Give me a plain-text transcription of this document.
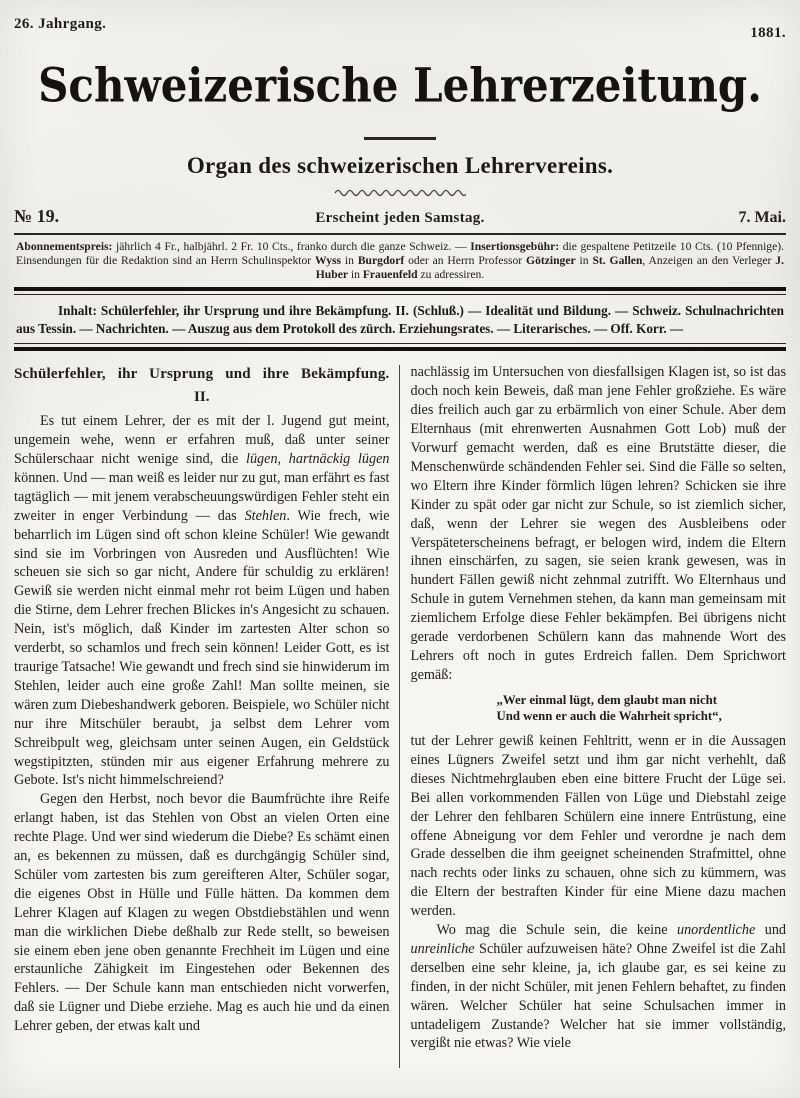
26. Jahrgang.
1881.
Schweizerische Lehrerzeitung.
Organ des schweizerischen Lehrervereins.
№ 19.	Erscheint jeden Samstag.	7. Mai.

Abonnementspreis: jährlich 4 Fr., halbjährl. 2 Fr. 10 Cts., franko durch die ganze Schweiz. — Insertionsgebühr: die gespaltene Petitzeile 10 Cts. (10 Pfennige). Einsendungen für die Redaktion sind an Herrn Schulinspektor Wyss in Burgdorf oder an Herrn Professor Götzinger in St. Gallen, Anzeigen an den Verleger J. Huber in Frauenfeld zu adressiren.

Inhalt: Schülerfehler, ihr Ursprung und ihre Bekämpfung. II. (Schluß.) — Idealität und Bildung. — Schweiz. Schulnachrichten aus Tessin. — Nachrichten. — Auszug aus dem Protokoll des zürch. Erziehungsrates. — Literarisches. — Off. Korr. —

Schülerfehler, ihr Ursprung und ihre Bekämpfung.
II.

Es tut einem Lehrer, der es mit der l. Jugend gut meint, ungemein wehe, wenn er erfahren muß, daß unter seiner Schülerschaar nicht wenige sind, die lügen, hartnäckig lügen können. Und — man weiß es leider nur zu gut, man erfährt es fast tagtäglich — mit jenem verabscheuungswürdigen Fehler steht ein zweiter in enger Verbindung — das Stehlen. Wie frech, wie beharrlich im Lügen sind oft schon kleine Schüler! Wie gewandt sind sie im Vorbringen von Ausreden und Ausflüchten! Wie scheuen sie sich so gar nicht, Andere für schuldig zu erklären! Gewiß sie werden nicht einmal mehr rot beim Lügen und haben die Stirne, dem Lehrer frechen Blickes in's Angesicht zu schauen. Nein, ist's möglich, daß Kinder im zartesten Alter schon so verderbt, so schamlos und frech sein können! Leider Gott, es ist traurige Tatsache! Wie gewandt und frech sind sie hinwiderum im Stehlen, leider auch eine große Zahl! Man sollte meinen, sie wären zum Diebeshandwerk geboren. Beispiele, wo Schüler nicht nur ihre Mitschüler beraubt, ja selbst dem Lehrer vom Schreibpult weg, gleichsam unter seinen Augen, ein Geldstück wegstipitzten, stünden mir aus eigener Erfahrung mehrere zu Gebote. Ist's nicht himmelschreiend?

Gegen den Herbst, noch bevor die Baumfrüchte ihre Reife erlangt haben, ist das Stehlen von Obst an vielen Orten eine rechte Plage. Und wer sind wiederum die Diebe? Es schämt einen an, es bekennen zu müssen, daß es durchgängig Schüler sind, Schüler vom zartesten bis zum gereifteren Alter, Schüler sogar, die eigenes Obst in Hülle und Fülle hätten. Da kommen dem Lehrer Klagen auf Klagen zu wegen Obstdiebstählen und wenn man die wirklichen Diebe deßhalb zur Rede stellt, so beweisen sie einem eben jene oben genannte Frechheit im Lügen und eine erstaunliche Zähigkeit im Eingestehen oder Bekennen des Fehlers. — Der Schule kann man entschieden nicht vorwerfen, daß sie Lügner und Diebe erziehe. Mag es auch hie und da einen Lehrer geben, der etwas kalt und

nachlässig im Untersuchen von diesfallsigen Klagen ist, so ist das doch noch kein Beweis, daß man jene Fehler großziehe. Es wäre dies freilich auch gar zu erbärmlich von einer Schule. Aber dem Elternhaus (mit ehrenwerten Ausnahmen Gott Lob) muß der Vorwurf gemacht werden, daß es eine Brutstätte dieser, die Menschenwürde schändenden Fehler sei. Sind die Fälle so selten, wo Eltern ihre Kinder förmlich lügen lehren? Schicken sie ihre Kinder zu spät oder gar nicht zur Schule, so ist ziemlich sicher, daß, wenn der Lehrer sie wegen des Ausbleibens oder Verspäteterscheinens befragt, er belogen wird, indem die Eltern ihnen einschärfen, zu sagen, sie seien krank gewesen, was in hundert Fällen gewiß nicht zehnmal zutrifft. Wo Elternhaus und Schule in gutem Vernehmen stehen, da kann man gemeinsam mit ziemlichem Erfolge diese Fehler bekämpfen. Bei übrigens nicht gerade verdorbenen Schülern kann das mahnende Wort des Lehrers oft noch in gutes Erdreich fallen. Dem Sprichwort gemäß:

„Wer einmal lügt, dem glaubt man nicht
Und wenn er auch die Wahrheit spricht“,

tut der Lehrer gewiß keinen Fehltritt, wenn er in die Aussagen eines Lügners Zweifel setzt und ihm gar nicht verhehlt, daß dieses Nichtmehrglauben eben eine bittere Frucht der Lüge sei. Bei allen vorkommenden Fällen von Lüge und Diebstahl zeige der Lehrer den fehlbaren Schülern eine innere Entrüstung, eine offene Abneigung vor dem Fehler und verordne je nach dem Grade desselben die ihm geeignet scheinenden Strafmittel, ohne nach rechts oder links zu schauen, ohne sich zu kümmern, was die Eltern der bestraften Kinder für eine Miene dazu machen werden.

Wo mag die Schule sein, die keine unordentliche und unreinliche Schüler aufzuweisen häte? Ohne Zweifel ist die Zahl derselben eine sehr kleine, ja, ich glaube gar, es sei keine zu finden, in der nicht Schüler, mit jenen Fehlern behaftet, zu finden wären. Welcher Schüler hat seine Schulsachen immer in untadeligem Zustande? Welcher hat sie immer vollständig, vergißt nie etwas? Wie viele
